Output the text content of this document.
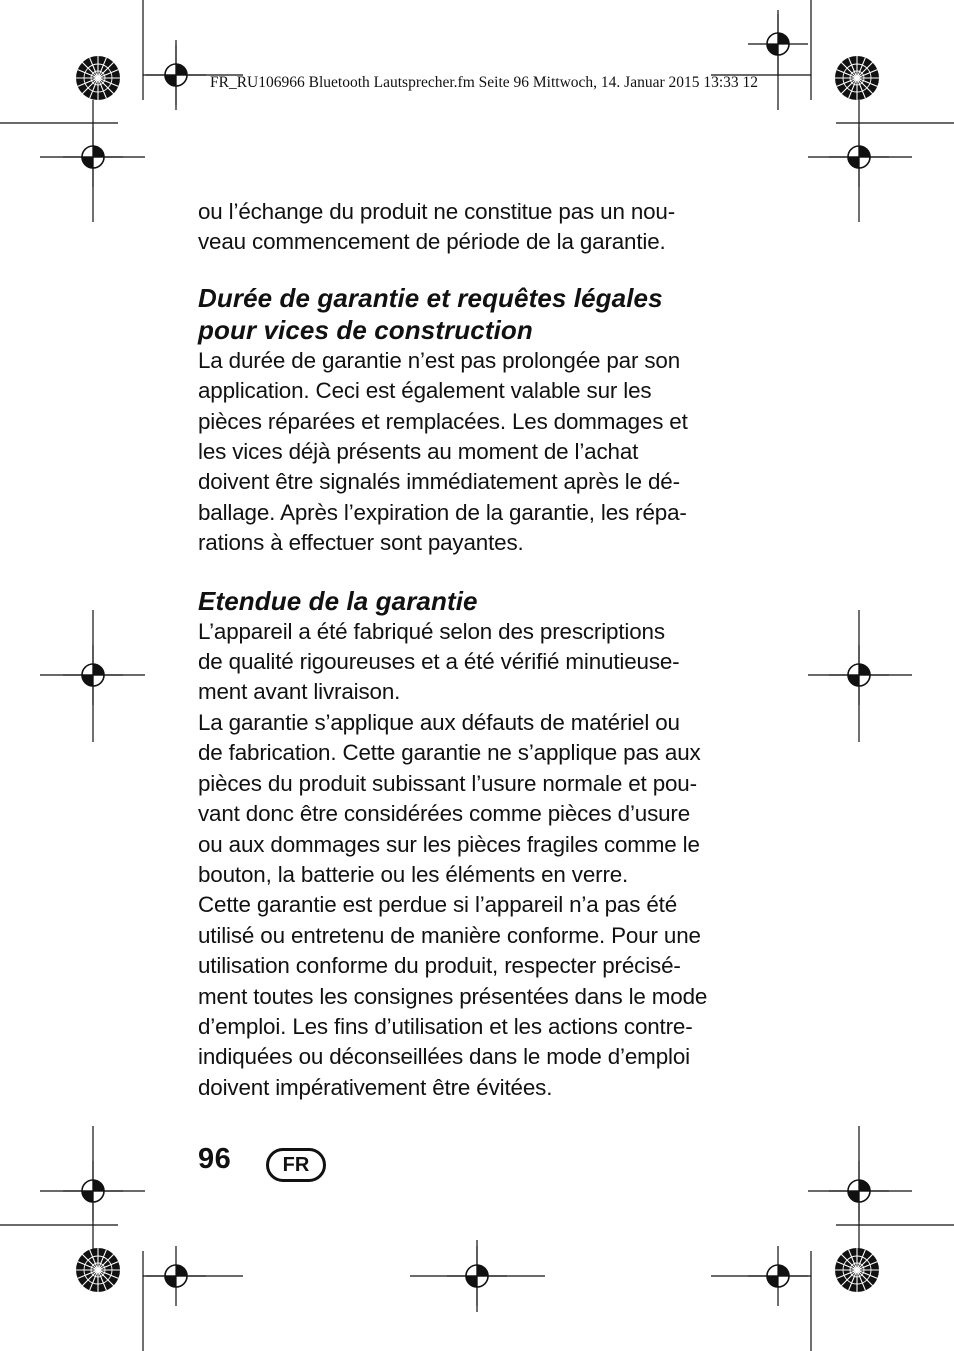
FR_RU106966 Bluetooth Lautsprecher.fm Seite 96 Mittwoch, 14. Januar 2015 13:33 12

ou l’échange du produit ne constitue pas un nou-
veau commencement de période de la garantie.

Durée de garantie et requêtes légales
pour vices de construction

La durée de garantie n’est pas prolongée par son
application. Ceci est également valable sur les
pièces réparées et remplacées. Les dommages et
les vices déjà présents au moment de l’achat
doivent être signalés immédiatement après le dé-
ballage. Après l’expiration de la garantie, les répa-
rations à effectuer sont payantes.

Etendue de la garantie

L’appareil a été fabriqué selon des prescriptions
de qualité rigoureuses et a été vérifié minutieuse-
ment avant livraison.
La garantie s’applique aux défauts de matériel ou
de fabrication. Cette garantie ne s’applique pas aux
pièces du produit subissant l’usure normale et pou-
vant donc être considérées comme pièces d’usure
ou aux dommages sur les pièces fragiles comme le
bouton, la batterie ou les éléments en verre.
Cette garantie est perdue si l’appareil n’a pas été
utilisé ou entretenu de manière conforme. Pour une
utilisation conforme du produit, respecter précisé-
ment toutes les consignes présentées dans le mode
d’emploi. Les fins d’utilisation et les actions contre-
indiquées ou déconseillées dans le mode d’emploi
doivent impérativement être évitées.

96	FR
